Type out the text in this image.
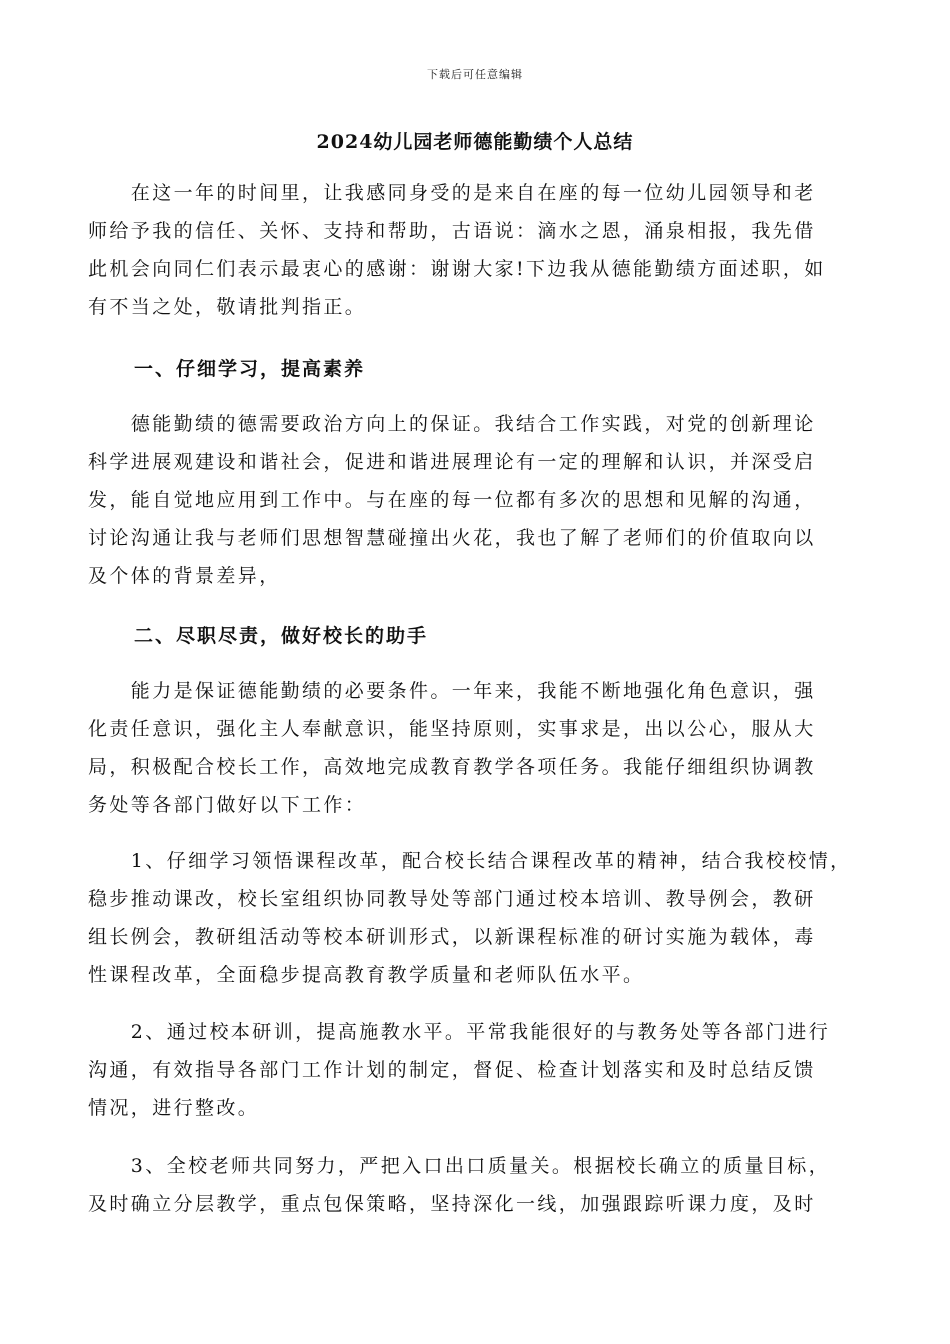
下载后可任意编辑
2024幼儿园老师德能勤绩个人总结
　　在这一年的时间里，让我感同身受的是来自在座的每一位幼儿园领导和老
师给予我的信任、关怀、支持和帮助，古语说：滴水之恩，涌泉相报，我先借
此机会向同仁们表示最衷心的感谢：谢谢大家!下边我从德能勤绩方面述职，如
有不当之处，敬请批判指正。
一、仔细学习，提高素养
　　德能勤绩的德需要政治方向上的保证。我结合工作实践，对党的创新理论
科学进展观建设和谐社会，促进和谐进展理论有一定的理解和认识，并深受启
发，能自觉地应用到工作中。与在座的每一位都有多次的思想和见解的沟通，
讨论沟通让我与老师们思想智慧碰撞出火花，我也了解了老师们的价值取向以
及个体的背景差异，
二、尽职尽责，做好校长的助手
　　能力是保证德能勤绩的必要条件。一年来，我能不断地强化角色意识，强
化责任意识，强化主人奉献意识，能坚持原则，实事求是，出以公心，服从大
局，积极配合校长工作，高效地完成教育教学各项任务。我能仔细组织协调教
务处等各部门做好以下工作：
　　1、仔细学习领悟课程改革，配合校长结合课程改革的精神，结合我校校情，
稳步推动课改，校长室组织协同教导处等部门通过校本培训、教导例会，教研
组长例会，教研组活动等校本研训形式，以新课程标准的研讨实施为载体，毒
性课程改革，全面稳步提高教育教学质量和老师队伍水平。
　　2、通过校本研训，提高施教水平。平常我能很好的与教务处等各部门进行
沟通，有效指导各部门工作计划的制定，督促、检查计划落实和及时总结反馈
情况，进行整改。
　　3、全校老师共同努力，严把入口出口质量关。根据校长确立的质量目标，
及时确立分层教学，重点包保策略，坚持深化一线，加强跟踪听课力度，及时
